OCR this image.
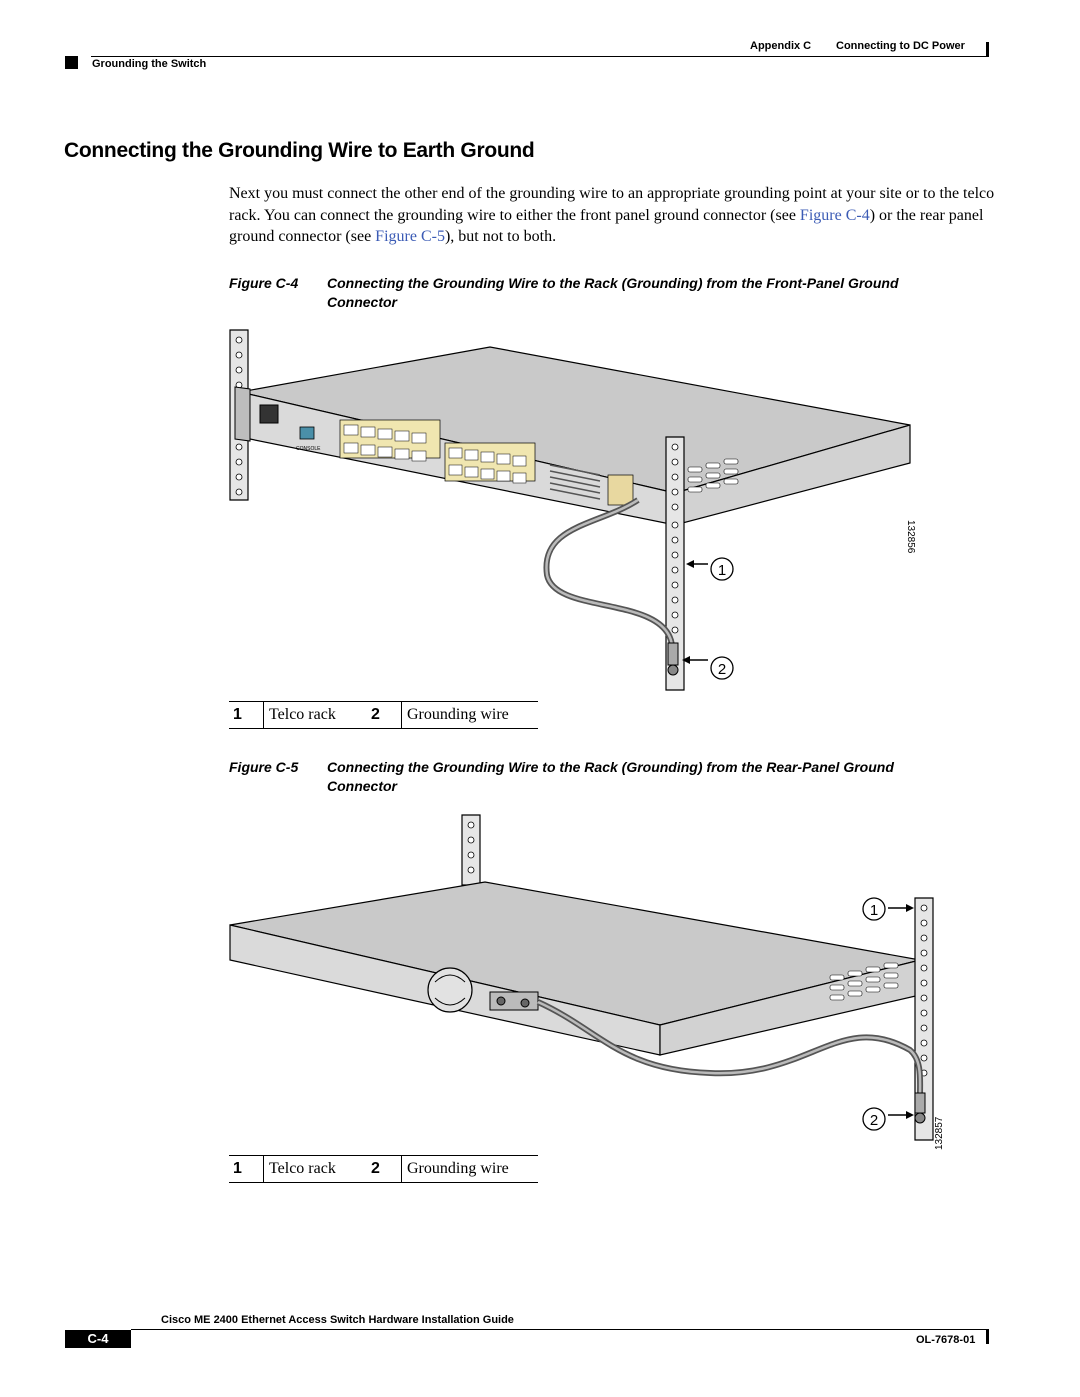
Appendix C Connecting to DC Power
Grounding the Switch
Connecting the Grounding Wire to Earth Ground
Next you must connect the other end of the grounding wire to an appropriate grounding point at your site or to the telco rack. You can connect the grounding wire to either the front panel ground connector (see Figure C-4) or the rear panel ground connector (see Figure C-5), but not to both.
Figure C-4 Connecting the Grounding Wire to the Rack (Grounding) from the Front-Panel Ground Connector
CONSOLE
1
2
132856
1	Telco rack	2	Grounding wire
Figure C-5 Connecting the Grounding Wire to the Rack (Grounding) from the Rear-Panel Ground Connector
1
2	132857
1	Telco rack	2	Grounding wire
Cisco ME 2400 Ethernet Access Switch Hardware Installation Guide
C-4	OL-7678-01
